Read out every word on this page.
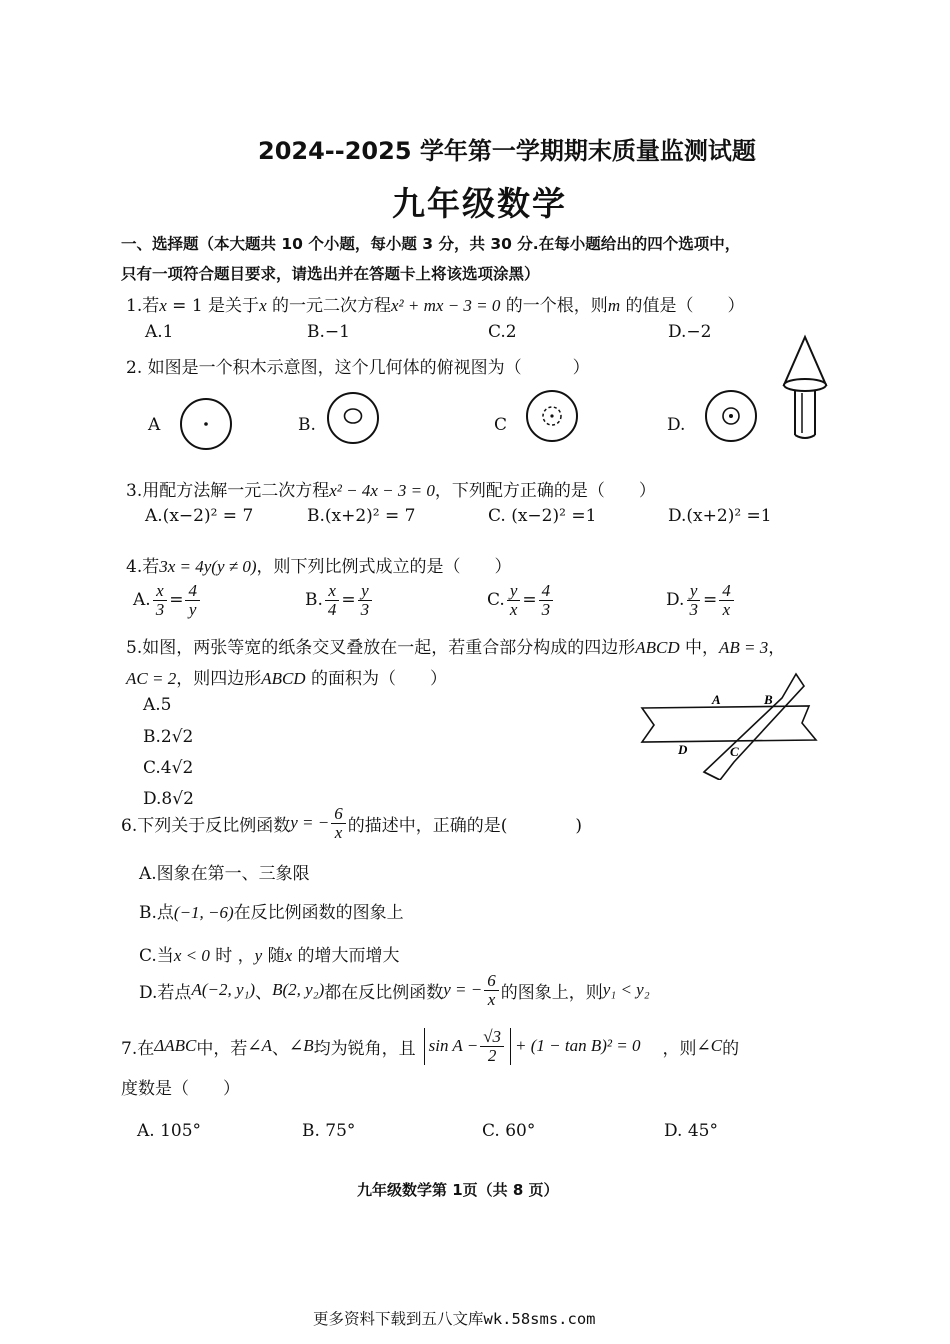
2024--2025 学年第一学期期末质量监测试题
九年级数学
一、选择题（本大题共 10 个小题，每小题 3 分，共 30 分.在每小题给出的四个选项中，
只有一项符合题目要求，请选出并在答题卡上将该选项涂黑）
1.若x = 1 是关于x 的一元二次方程x² + mx − 3 = 0 的一个根，则m 的值是（　　）
A.1	B.−1	C.2	D.−2
2. 如图是一个积木示意图，这个几何体的俯视图为（　　　）
A	B.	C	D.
3.用配方法解一元二次方程x² − 4x − 3 = 0，下列配方正确的是（　　）
A.(x−2)² = 7	B.(x+2)² = 7	C. (x−2)² =1	D.(x+2)² =1
4.若3x = 4y(y ≠ 0)，则下列比例式成立的是（　　）
A. $\frac{x}{3} = \frac{4}{y}$	B. $\frac{x}{4} = \frac{y}{3}$	C. $\frac{y}{x} = \frac{4}{3}$	D. $\frac{y}{3} = \frac{4}{x}$
5.如图，两张等宽的纸条交叉叠放在一起，若重合部分构成的四边形ABCD 中，AB = 3，
AC = 2，则四边形ABCD 的面积为（　　）
A.5
B.2√2
C.4√2
D.8√2
A	B
D	C
6.下列关于反比例函数 y = − $\frac{6}{x}$ 的描述中，正确的是(　　　　)
A.图象在第一、三象限
B.点(−1, −6)在反比例函数的图象上
C.当x < 0 时 ，y 随x 的增大而增大
D.若点 A(−2, y₁) 、 B(2, y₂) 都在反比例函数 y = − $\frac{6}{x}$ 的图象上，则 y₁ < y₂
7.在 ΔABC 中，若 ∠A 、 ∠B 均为锐角，且 $\sin A - \frac{√3}{2} + (1 - \tan B)^2 = 0$ ，则 ∠C 的
度数是（　　）
A. 105°	B. 75°	C. 60°	D. 45°
九年级数学第 1页（共 8 页）
更多资料下载到五八文库wk.58sms.com
